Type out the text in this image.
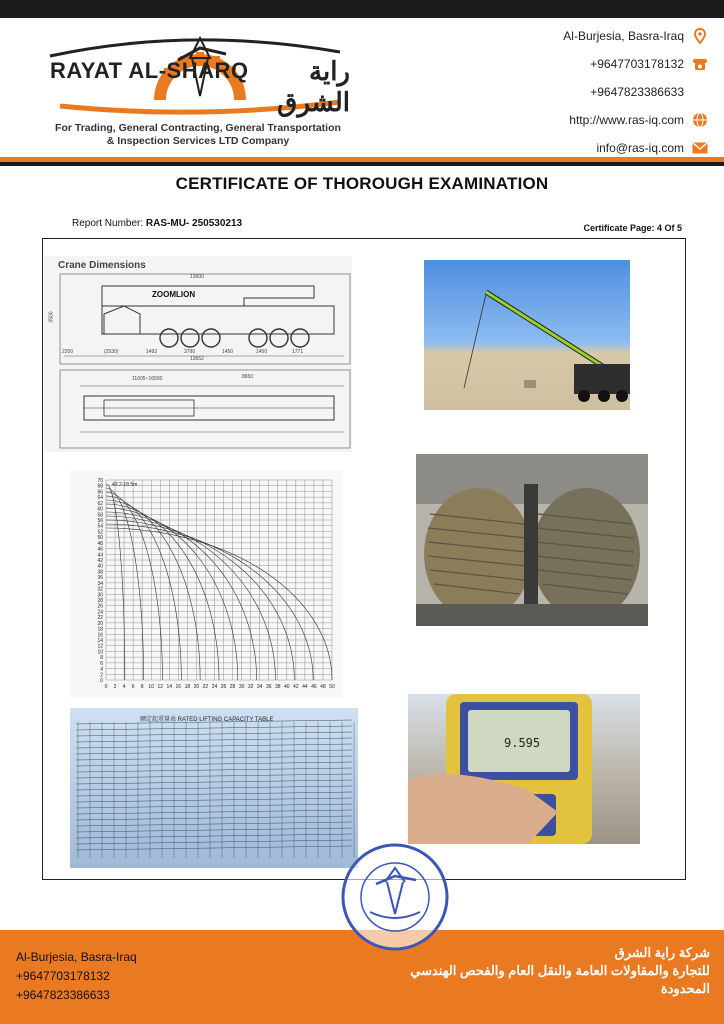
RAYAT AL-SHARQ	راية الشرق
For Trading, General Contracting, General Transportation
& Inspection Services LTD Company
Al-Burjesia, Basra-Iraq
+9647703178132
+9647823386633
http://www.ras-iq.com
info@ras-iq.com
CERTIFICATE OF THOROUGH EXAMINATION
Report Number: RAS-MU- 250530213	Certificate Page: 4 Of 5
Crane Dimensions
ZOOMLION
13600
13652
2200	(2530)	1493	3790	1450	1450	1771
3500
11605~16500	8650
70
68
66
64
62
60
58
56
54
52
50
48
46
44
42
40
38
36
34
32
30
28
26
24
22
20
18
16
14
12
10
8
6
4
2
0
0 2 4 6 8 10 12 14 16 18 20 22 24 26 28 30 32 34 36 38 40 42 44 46 48 50
43.2-18.5m
额定起重量表 RATED LIFTING CAPACITY TABLE
9.595
Al-Burjesia, Basra-Iraq
+9647703178132
+9647823386633
شركة راية الشرق
للتجارة والمقاولات العامة والنقل العام والفحص الهندسي
المحدودة
